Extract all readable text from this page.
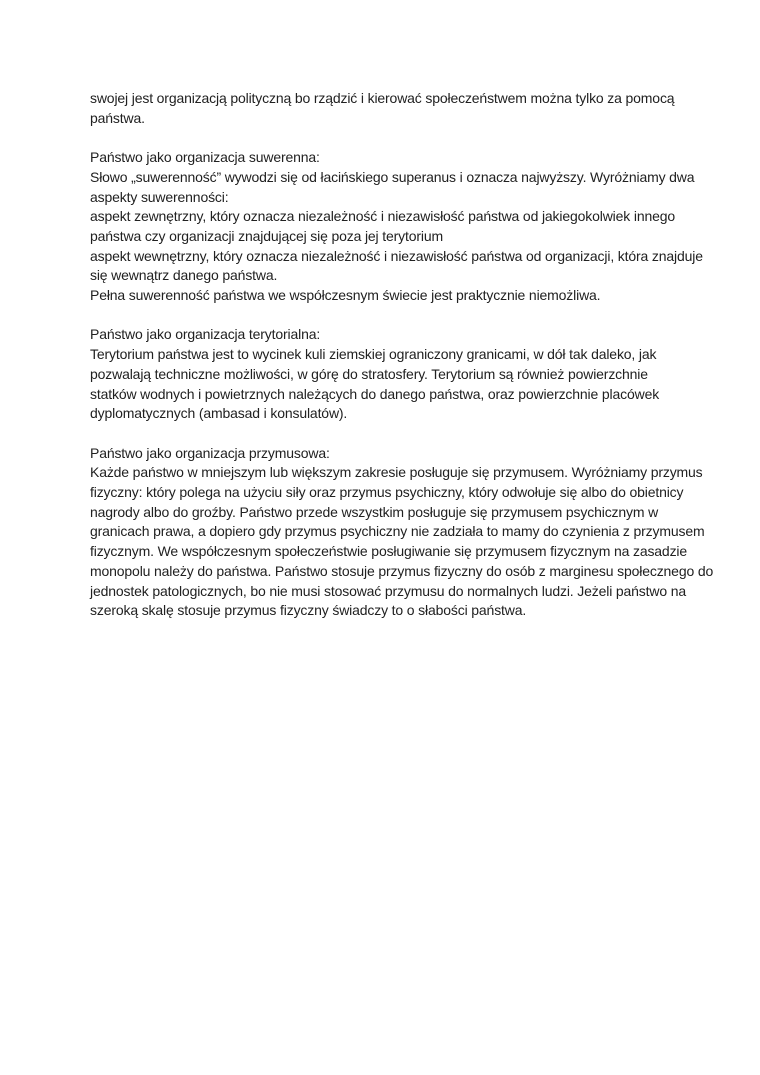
swojej jest organizacją polityczną bo rządzić i kierować społeczeństwem można tylko za pomocą
państwa.

Państwo jako organizacja suwerenna:
Słowo „suwerenność” wywodzi się od łacińskiego superanus i oznacza najwyższy. Wyróżniamy dwa
aspekty suwerenności:
aspekt zewnętrzny, który oznacza niezależność i niezawisłość państwa od jakiegokolwiek innego
państwa czy organizacji znajdującej się poza jej terytorium
aspekt wewnętrzny, który oznacza niezależność i niezawisłość państwa od organizacji, która znajduje
się wewnątrz danego państwa.
Pełna suwerenność państwa we współczesnym świecie jest praktycznie niemożliwa.

Państwo jako organizacja terytorialna:
Terytorium państwa jest to wycinek kuli ziemskiej ograniczony granicami, w dół tak daleko, jak
pozwalają techniczne możliwości, w górę do stratosfery. Terytorium są również powierzchnie
statków wodnych i powietrznych należących do danego państwa, oraz powierzchnie placówek
dyplomatycznych (ambasad i konsulatów).

Państwo jako organizacja przymusowa:
Każde państwo w mniejszym lub większym zakresie posługuje się przymusem. Wyróżniamy przymus
fizyczny: który polega na użyciu siły oraz przymus psychiczny, który odwołuje się albo do obietnicy
nagrody albo do groźby. Państwo przede wszystkim posługuje się przymusem psychicznym w
granicach prawa, a dopiero gdy przymus psychiczny nie zadziała to mamy do czynienia z przymusem
fizycznym. We współczesnym społeczeństwie posługiwanie się przymusem fizycznym na zasadzie
monopolu należy do państwa. Państwo stosuje przymus fizyczny do osób z marginesu społecznego do
jednostek patologicznych, bo nie musi stosować przymusu do normalnych ludzi. Jeżeli państwo na
szeroką skalę stosuje przymus fizyczny świadczy to o słabości państwa.
